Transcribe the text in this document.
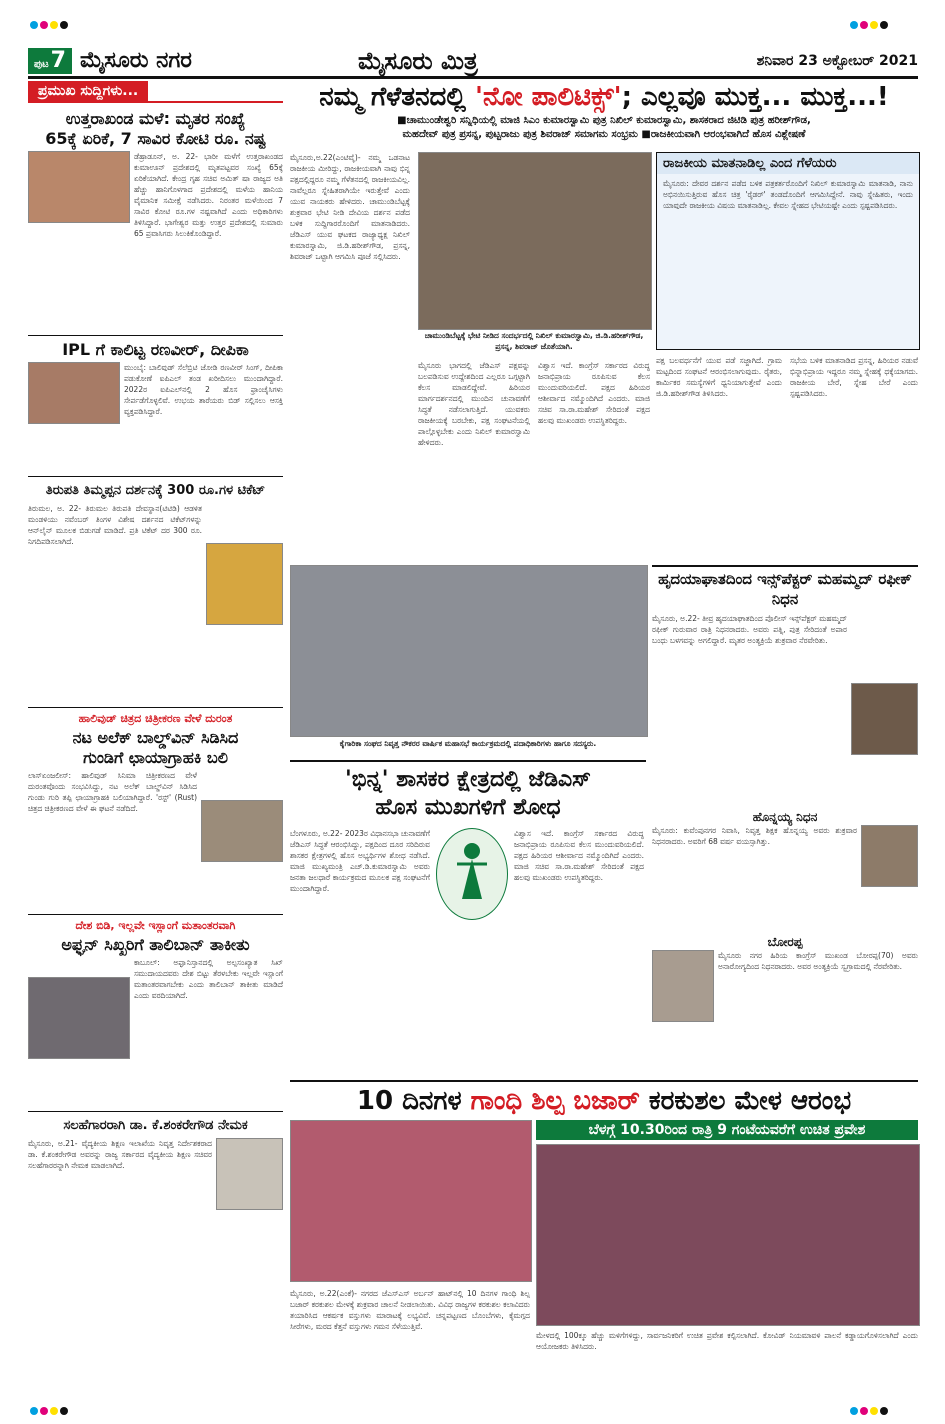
ಪುಟ7 ಮೈಸೂರು ನಗರ	ಮೈಸೂರು ಮಿತ್ರ	ಶನಿವಾರ 23 ಅಕ್ಟೋಬರ್ 2021
ಪ್ರಮುಖ ಸುದ್ದಿಗಳು...
ಉತ್ತರಾಖಂಡ ಮಳೆ: ಮೃತರ ಸಂಖ್ಯೆ
65ಕ್ಕೆ ಏರಿಕೆ, 7 ಸಾವಿರ ಕೋಟಿ ರೂ. ನಷ್ಟ
ಡೆಹ್ರಾಡೂನ್, ಅ. 22- ಭಾರೀ ಮಳೆಗೆ ಉತ್ತರಾಖಂಡದ ಕುಮಾಊನ್ ಪ್ರದೇಶದಲ್ಲಿ ಮೃತಪಟ್ಟವರ ಸಂಖ್ಯೆ 65ಕ್ಕೆ ಏರಿಕೆಯಾಗಿದೆ. ಕೇಂದ್ರ ಗೃಹ ಸಚಿವ ಅಮಿತ್ ಷಾ ರಾಜ್ಯದ ಅತಿ ಹೆಚ್ಚು ಹಾನಿಗೊಳಗಾದ ಪ್ರದೇಶದಲ್ಲಿ ಮಳೆಯ ಹಾನಿಯ ವೈಮಾನಿಕ ಸಮೀಕ್ಷೆ ನಡೆಸಿದರು. ನಿರಂತರ ಮಳೆಯಿಂದ 7 ಸಾವಿರ ಕೋಟಿ ರೂ.ಗಳ ನಷ್ಟವಾಗಿದೆ ಎಂದು ಅಧಿಕಾರಿಗಳು ತಿಳಿಸಿದ್ದಾರೆ. ಭಾಗೇಶ್ವರ ಮತ್ತು ಉತ್ತರ ಪ್ರದೇಶದಲ್ಲಿ ಸುಮಾರು 65 ಪ್ರವಾಸಿಗರು ಸಿಲುಕಿಕೊಂಡಿದ್ದಾರೆ.
IPL ಗೆ ಕಾಲಿಟ್ಟ ರಣವೀರ್, ದೀಪಿಕಾ
ಮುಂಬೈ: ಬಾಲಿವುಡ್ ಸೆಲೆಬ್ರಿಟಿ ಜೋಡಿ ರಣವೀರ್ ಸಿಂಗ್, ದೀಪಿಕಾ ಪಡುಕೋಣೆ ಐಪಿಎಲ್ ತಂಡ ಖರೀದಿಸಲು ಮುಂದಾಗಿದ್ದಾರೆ. 2022ರ ಐಪಿಎಲ್‌ನಲ್ಲಿ 2 ಹೊಸ ಫ್ರಾಂಚೈಸಿಗಳು ಸೇರ್ಪಡೆಗೊಳ್ಳಲಿವೆ. ಉಭಯ ತಾರೆಯರು ಬಿಡ್ ಸಲ್ಲಿಸಲು ಆಸಕ್ತಿ ವ್ಯಕ್ತಪಡಿಸಿದ್ದಾರೆ.
ತಿರುಪತಿ ತಿಮ್ಮಪ್ಪನ ದರ್ಶನಕ್ಕೆ 300 ರೂ.ಗಳ ಟಿಕೆಟ್
ತಿರುಮಲ, ಅ. 22- ತಿರುಮಲ ತಿರುಪತಿ ದೇವಸ್ಥಾನ(ಟಿಟಿಡಿ) ಆಡಳಿತ ಮಂಡಳಿಯು ನವೆಂಬರ್ ತಿಂಗಳ ವಿಶೇಷ ದರ್ಶನದ ಟಿಕೆಟ್‌ಗಳನ್ನು ಆನ್‌ಲೈನ್ ಮೂಲಕ ಬಿಡುಗಡೆ ಮಾಡಿದೆ. ಪ್ರತಿ ಟಿಕೆಟ್ ದರ 300 ರೂ. ನಿಗದಿಪಡಿಸಲಾಗಿದೆ.
ಹಾಲಿವುಡ್ ಚಿತ್ರದ ಚಿತ್ರೀಕರಣ ವೇಳೆ ದುರಂತ
ನಟ ಅಲೆಕ್ ಬಾಲ್ಡ್‌ವಿನ್ ಸಿಡಿಸಿದ
ಗುಂಡಿಗೆ ಛಾಯಾಗ್ರಾಹಕಿ ಬಲಿ
ಲಾಸ್‌ಏಂಜಲೀಸ್: ಹಾಲಿವುಡ್ ಸಿನಿಮಾ ಚಿತ್ರೀಕರಣದ ವೇಳೆ ದುರಂತವೊಂದು ಸಂಭವಿಸಿದ್ದು, ನಟ ಅಲೆಕ್ ಬಾಲ್ಡ್‌ವಿನ್ ಸಿಡಿಸಿದ ಗುಂಡು ಗುರಿ ತಪ್ಪಿ ಛಾಯಾಗ್ರಾಹಕಿ ಬಲಿಯಾಗಿದ್ದಾರೆ. 'ರಸ್ಟ್' (Rust) ಚಿತ್ರದ ಚಿತ್ರೀಕರಣದ ವೇಳೆ ಈ ಘಟನೆ ನಡೆದಿದೆ.
ದೇಶ ಬಿಡಿ, ಇಲ್ಲವೇ ಇಸ್ಲಾಂಗೆ ಮತಾಂತರವಾಗಿ
ಅಫ್ಘನ್ ಸಿಖ್ಖರಿಗೆ ತಾಲಿಬಾನ್ ತಾಕೀತು
ಕಾಬೂಲ್: ಅಫ್ಘಾನಿಸ್ತಾನದಲ್ಲಿ ಅಲ್ಪಸಂಖ್ಯಾತ ಸಿಖ್ ಸಮುದಾಯದವರು ದೇಶ ಬಿಟ್ಟು ತೆರಳಬೇಕು ಇಲ್ಲವೇ ಇಸ್ಲಾಂಗೆ ಮತಾಂತರವಾಗಬೇಕು ಎಂದು ತಾಲಿಬಾನ್ ತಾಕೀತು ಮಾಡಿದೆ ಎಂದು ವರದಿಯಾಗಿದೆ.
ಸಲಹೆಗಾರರಾಗಿ ಡಾ. ಕೆ.ಶಂಕರೇಗೌಡ ನೇಮಕ
ಮೈಸೂರು, ಅ.21- ವೈದ್ಯಕೀಯ ಶಿಕ್ಷಣ ಇಲಾಖೆಯ ನಿವೃತ್ತ ನಿರ್ದೇಶಕರಾದ ಡಾ. ಕೆ.ಶಂಕರೇಗೌಡ ಅವರನ್ನು ರಾಜ್ಯ ಸರ್ಕಾರದ ವೈದ್ಯಕೀಯ ಶಿಕ್ಷಣ ಸಚಿವರ ಸಲಹೆಗಾರರನ್ನಾಗಿ ನೇಮಕ ಮಾಡಲಾಗಿದೆ.
ನಮ್ಮ ಗೆಳೆತನದಲ್ಲಿ 'ನೋ ಪಾಲಿಟಿಕ್ಸ್'; ಎಲ್ಲವೂ ಮುಕ್ತ... ಮುಕ್ತ...!
■ಚಾಮುಂಡೇಶ್ವರಿ ಸನ್ನಿಧಿಯಲ್ಲಿ ಮಾಜಿ ಸಿಎಂ ಕುಮಾರಸ್ವಾಮಿ ಪುತ್ರ ನಿಖಿಲ್ ಕುಮಾರಸ್ವಾಮಿ, ಶಾಸಕರಾದ ಜಿಟಿಡಿ ಪುತ್ರ ಹರೀಶ್‌ಗೌಡ,
ಮಹದೇವ್ ಪುತ್ರ ಪ್ರಸನ್ನ, ಪುಟ್ಟರಾಜು ಪುತ್ರ ಶಿವರಾಜ್ ಸಮಾಗಮ ಸಂಭ್ರಮ ■ರಾಜಕೀಯವಾಗಿ ಆರಂಭವಾಗಿದೆ ಹೊಸ ವಿಶ್ಲೇಷಣೆ
ಮೈಸೂರು,ಅ.22(ಎಂಟಿವೈ)- ನಮ್ಮ ಒಡನಾಟ ರಾಜಕೀಯ ಮೀರಿದ್ದು, ರಾಜಕೀಯವಾಗಿ ನಾವು ಭಿನ್ನ ಪಕ್ಷದಲ್ಲಿದ್ದರೂ ನಮ್ಮ ಗೆಳೆತನದಲ್ಲಿ ರಾಜಕೀಯವಿಲ್ಲ. ನಾವೆಲ್ಲರೂ ಸ್ನೇಹಿತರಾಗಿಯೇ ಇರುತ್ತೇವೆ ಎಂದು ಯುವ ನಾಯಕರು ಹೇಳಿದರು. ಚಾಮುಂಡಿಬೆಟ್ಟಕ್ಕೆ ಶುಕ್ರವಾರ ಭೇಟಿ ನೀಡಿ ದೇವಿಯ ದರ್ಶನ ಪಡೆದ ಬಳಿಕ ಸುದ್ದಿಗಾರರೊಂದಿಗೆ ಮಾತನಾಡಿದರು. ಜೆಡಿಎಸ್ ಯುವ ಘಟಕದ ರಾಜ್ಯಾಧ್ಯಕ್ಷ ನಿಖಿಲ್ ಕುಮಾರಸ್ವಾಮಿ, ಜಿ.ಡಿ.ಹರೀಶ್‌ಗೌಡ, ಪ್ರಸನ್ನ, ಶಿವರಾಜ್ ಒಟ್ಟಾಗಿ ಆಗಮಿಸಿ ಪೂಜೆ ಸಲ್ಲಿಸಿದರು.
ಚಾಮುಂಡಿಬೆಟ್ಟಕ್ಕೆ ಭೇಟಿ ನೀಡಿದ ಸಂದರ್ಭದಲ್ಲಿ ನಿಖಿಲ್ ಕುಮಾರಸ್ವಾಮಿ, ಜಿ.ಡಿ.ಹರೀಶ್‌ಗೌಡ, ಪ್ರಸನ್ನ, ಶಿವರಾಜ್ ಜೊತೆಯಾಗಿ.
ಮೈಸೂರು ಭಾಗದಲ್ಲಿ ಜೆಡಿಎಸ್ ಪಕ್ಷವನ್ನು ಬಲಪಡಿಸುವ ಉದ್ದೇಶದಿಂದ ಎಲ್ಲರೂ ಒಗ್ಗಟ್ಟಾಗಿ ಕೆಲಸ ಮಾಡಲಿದ್ದೇವೆ. ಹಿರಿಯರ ಮಾರ್ಗದರ್ಶನದಲ್ಲಿ ಮುಂದಿನ ಚುನಾವಣೆಗೆ ಸಿದ್ಧತೆ ನಡೆಸಲಾಗುತ್ತಿದೆ. ಯುವಕರು ರಾಜಕೀಯಕ್ಕೆ ಬರಬೇಕು, ಪಕ್ಷ ಸಂಘಟನೆಯಲ್ಲಿ ಪಾಲ್ಗೊಳ್ಳಬೇಕು ಎಂದು ನಿಖಿಲ್ ಕುಮಾರಸ್ವಾಮಿ ಹೇಳಿದರು.
ವಿಶ್ವಾಸ ಇದೆ. ಕಾಂಗ್ರೆಸ್ ಸರ್ಕಾರದ ವಿರುದ್ಧ ಜನಾಭಿಪ್ರಾಯ ರೂಪಿಸುವ ಕೆಲಸ ಮುಂದುವರಿಯಲಿದೆ. ಪಕ್ಷದ ಹಿರಿಯರ ಆಶೀರ್ವಾದ ನಮ್ಮೊಂದಿಗಿದೆ ಎಂದರು. ಮಾಜಿ ಸಚಿವ ಸಾ.ರಾ.ಮಹೇಶ್ ಸೇರಿದಂತೆ ಪಕ್ಷದ ಹಲವು ಮುಖಂಡರು ಉಪಸ್ಥಿತರಿದ್ದರು.
ರಾಜಕೀಯ ಮಾತನಾಡಿಲ್ಲ ಎಂದ ಗೆಳೆಯರು
ಮೈಸೂರು: ದೇವರ ದರ್ಶನ ಪಡೆದ ಬಳಿಕ ಪತ್ರಕರ್ತರೊಂದಿಗೆ ನಿಖಿಲ್ ಕುಮಾರಸ್ವಾಮಿ ಮಾತನಾಡಿ, ನಾನು ಅಭಿನಯಿಸುತ್ತಿರುವ ಹೊಸ ಚಿತ್ರ 'ರೈಡರ್' ತಂಡದೊಂದಿಗೆ ಆಗಮಿಸಿದ್ದೇನೆ. ನಾವು ಸ್ನೇಹಿತರು, ಇಂದು ಯಾವುದೇ ರಾಜಕೀಯ ವಿಷಯ ಮಾತನಾಡಿಲ್ಲ. ಕೇವಲ ಸ್ನೇಹದ ಭೇಟಿಯಷ್ಟೇ ಎಂದು ಸ್ಪಷ್ಟಪಡಿಸಿದರು.
ಪಕ್ಷ ಬಲವರ್ಧನೆಗೆ ಯುವ ಪಡೆ ಸಜ್ಜಾಗಿದೆ. ಗ್ರಾಮ ಮಟ್ಟದಿಂದ ಸಂಘಟನೆ ಆರಂಭಿಸಲಾಗುವುದು. ರೈತರು, ಕಾರ್ಮಿಕರ ಸಮಸ್ಯೆಗಳಿಗೆ ಧ್ವನಿಯಾಗುತ್ತೇವೆ ಎಂದು ಜಿ.ಡಿ.ಹರೀಶ್‌ಗೌಡ ತಿಳಿಸಿದರು.
ಸಭೆಯ ಬಳಿಕ ಮಾತನಾಡಿದ ಪ್ರಸನ್ನ, ಹಿರಿಯರ ನಡುವೆ ಭಿನ್ನಾಭಿಪ್ರಾಯ ಇದ್ದರೂ ನಮ್ಮ ಸ್ನೇಹಕ್ಕೆ ಧಕ್ಕೆಯಾಗದು. ರಾಜಕೀಯ ಬೇರೆ, ಸ್ನೇಹ ಬೇರೆ ಎಂದು ಸ್ಪಷ್ಟಪಡಿಸಿದರು.
ಕೈಗಾರಿಕಾ ಸಂಘದ ನಿವೃತ್ತ ನೌಕರರ ವಾರ್ಷಿಕ ಮಹಾಸಭೆ ಕಾರ್ಯಕ್ರಮದಲ್ಲಿ ಪದಾಧಿಕಾರಿಗಳು ಹಾಗೂ ಸದಸ್ಯರು.
ಹೃದಯಾಘಾತದಿಂದ ಇನ್ಸ್‌ಪೆಕ್ಟರ್ ಮಹಮ್ಮದ್ ರಫೀಕ್ ನಿಧನ
ಮೈಸೂರು, ಅ.22- ತೀವ್ರ ಹೃದಯಾಘಾತದಿಂದ ಪೊಲೀಸ್ ಇನ್ಸ್‌ಪೆಕ್ಟರ್ ಮಹಮ್ಮದ್ ರಫೀಕ್ ಗುರುವಾರ ರಾತ್ರಿ ನಿಧನರಾದರು. ಅವರು ಪತ್ನಿ, ಪುತ್ರ ಸೇರಿದಂತೆ ಅಪಾರ ಬಂಧು ಬಳಗವನ್ನು ಅಗಲಿದ್ದಾರೆ. ಮೃತರ ಅಂತ್ಯಕ್ರಿಯೆ ಶುಕ್ರವಾರ ನೆರವೇರಿತು.
'ಭಿನ್ನ' ಶಾಸಕರ ಕ್ಷೇತ್ರದಲ್ಲಿ ಜೆಡಿಎಸ್
ಹೊಸ ಮುಖಗಳಿಗೆ ಶೋಧ
ಬೆಂಗಳೂರು, ಅ.22- 2023ರ ವಿಧಾನಸಭಾ ಚುನಾವಣೆಗೆ ಜೆಡಿಎಸ್ ಸಿದ್ಧತೆ ಆರಂಭಿಸಿದ್ದು, ಪಕ್ಷದಿಂದ ದೂರ ಸರಿದಿರುವ ಶಾಸಕರ ಕ್ಷೇತ್ರಗಳಲ್ಲಿ ಹೊಸ ಅಭ್ಯರ್ಥಿಗಳ ಶೋಧ ನಡೆಸಿದೆ. ಮಾಜಿ ಮುಖ್ಯಮಂತ್ರಿ ಎಚ್.ಡಿ.ಕುಮಾರಸ್ವಾಮಿ ಅವರು ಜನತಾ ಜಲಧಾರೆ ಕಾರ್ಯಕ್ರಮದ ಮೂಲಕ ಪಕ್ಷ ಸಂಘಟನೆಗೆ ಮುಂದಾಗಿದ್ದಾರೆ.
ವಿಶ್ವಾಸ ಇದೆ. ಕಾಂಗ್ರೆಸ್ ಸರ್ಕಾರದ ವಿರುದ್ಧ ಜನಾಭಿಪ್ರಾಯ ರೂಪಿಸುವ ಕೆಲಸ ಮುಂದುವರಿಯಲಿದೆ. ಪಕ್ಷದ ಹಿರಿಯರ ಆಶೀರ್ವಾದ ನಮ್ಮೊಂದಿಗಿದೆ ಎಂದರು. ಮಾಜಿ ಸಚಿವ ಸಾ.ರಾ.ಮಹೇಶ್ ಸೇರಿದಂತೆ ಪಕ್ಷದ ಹಲವು ಮುಖಂಡರು ಉಪಸ್ಥಿತರಿದ್ದರು.
ಹೊನ್ನಯ್ಯ ನಿಧನ
ಮೈಸೂರು: ಕುವೆಂಪುನಗರ ನಿವಾಸಿ, ನಿವೃತ್ತ ಶಿಕ್ಷಕ ಹೊನ್ನಯ್ಯ ಅವರು ಶುಕ್ರವಾರ ನಿಧನರಾದರು. ಅವರಿಗೆ 68 ವರ್ಷ ವಯಸ್ಸಾಗಿತ್ತು.
ಬೋರಪ್ಪ
ಮೈಸೂರು ನಗರ ಹಿರಿಯ ಕಾಂಗ್ರೆಸ್ ಮುಖಂಡ ಬೋರಪ್ಪ(70) ಅವರು ಅನಾರೋಗ್ಯದಿಂದ ನಿಧನರಾದರು. ಅವರ ಅಂತ್ಯಕ್ರಿಯೆ ಸ್ವಗ್ರಾಮದಲ್ಲಿ ನೆರವೇರಿತು.
10 ದಿನಗಳ ಗಾಂಧಿ ಶಿಲ್ಪ ಬಜಾರ್ ಕರಕುಶಲ ಮೇಳ ಆರಂಭ
ಬೆಳಗ್ಗೆ 10.30ರಿಂದ ರಾತ್ರಿ 9 ಗಂಟೆಯವರೆಗೆ ಉಚಿತ ಪ್ರವೇಶ
ಮೈಸೂರು, ಅ.22(ಎಂಕೆ)- ನಗರದ ಜೆಎಸ್‌ಎಸ್ ಅರ್ಬನ್ ಹಾಟ್‌ನಲ್ಲಿ 10 ದಿನಗಳ ಗಾಂಧಿ ಶಿಲ್ಪ ಬಜಾರ್ ಕರಕುಶಲ ಮೇಳಕ್ಕೆ ಶುಕ್ರವಾರ ಚಾಲನೆ ನೀಡಲಾಯಿತು. ವಿವಿಧ ರಾಜ್ಯಗಳ ಕರಕುಶಲ ಕಲಾವಿದರು ತಯಾರಿಸಿದ ಆಕರ್ಷಕ ವಸ್ತುಗಳು ಮಾರಾಟಕ್ಕೆ ಲಭ್ಯವಿವೆ. ಚನ್ನಪಟ್ಟಣದ ಬೊಂಬೆಗಳು, ಕೈಮಗ್ಗದ ಸೀರೆಗಳು, ಮರದ ಕೆತ್ತನೆ ವಸ್ತುಗಳು ಗಮನ ಸೆಳೆಯುತ್ತಿವೆ.
ಮೇಳದಲ್ಲಿ 100ಕ್ಕೂ ಹೆಚ್ಚು ಮಳಿಗೆಗಳಿದ್ದು, ಸಾರ್ವಜನಿಕರಿಗೆ ಉಚಿತ ಪ್ರವೇಶ ಕಲ್ಪಿಸಲಾಗಿದೆ. ಕೋವಿಡ್ ನಿಯಮಾವಳಿ ಪಾಲನೆ ಕಡ್ಡಾಯಗೊಳಿಸಲಾಗಿದೆ ಎಂದು ಆಯೋಜಕರು ತಿಳಿಸಿದರು.
